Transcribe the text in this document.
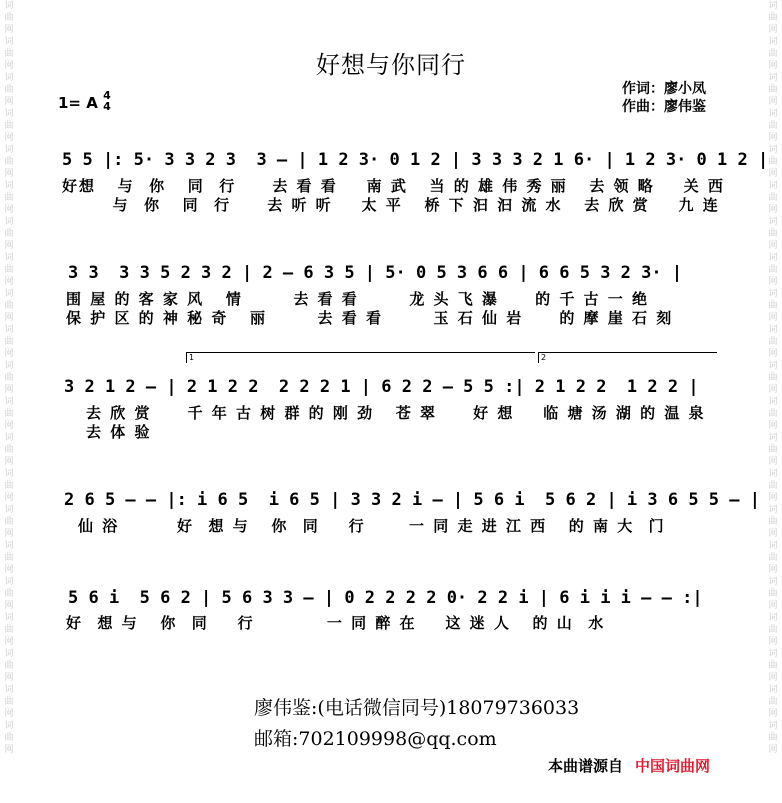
词曲网词曲网词曲网词曲网词曲网词曲网词曲网词曲网词曲网词曲网词曲网词曲网词曲网词曲网词曲网词曲网词曲网词曲网词曲网词曲网词曲网
词曲网词曲网词曲网词曲网词曲网词曲网词曲网词曲网词曲网词曲网词曲网词曲网词曲网词曲网词曲网词曲网词曲网词曲网词曲网词曲网词曲网
好想与你同行
1= A 4
4
作词：廖小凤
作曲：廖伟鉴
5 5 |: 5· 3 3 2 3  3 — | 1 2 3· 0 1 2 | 3 3 3 2 1 6· | 1 2 3· 0 1 2 |
好想   与  你   同  行     去 看 看    南 武   当 的 雄 伟 秀 丽   去 领 略    关 西
与  你   同  行     去 听 听    太 平   桥 下 汩 汩 流 水   去 欣 赏    九 连
3 3  3 3 5 2 3 2 | 2 — 6 3 5 | 5· 0 5 3 6 6 | 6 6 5 3 2 3· |
围 屋 的 客 家 风   情       去 看 看       龙 头 飞 瀑     的 千 古 一 绝
保 护 区 的 神 秘 奇   丽       去 看 看       玉 石 仙 岩     的 摩 崖 石 刻
1	2
3 2 1 2 — | 2 1 2 2  2 2 2 1 | 6 2 2 — 5 5 :| 2 1 2 2  1 2 2 |
去 欣 赏     千 年 古 树 群 的 刚 劲   苍 翠     好 想    临 塘 汤 湖 的 温 泉
去 体 验
2 6 5 — — |: i 6 5  i 6 5 | 3 3 2 i — | 5 6 i  5 6 2 | i 3 6 5 5 — |
仙 浴        好  想 与   你  同    行      一 同 走 进 江 西   的 南 大  门
5 6 i  5 6 2 | 5 6 3 3 — | 0 2 2 2 2 0· 2 2 i | 6 i i i — — :|
好  想 与   你  同    行          一 同 醉 在    这 迷 人   的 山  水
廖伟鉴:(电话微信同号)18079736033
邮箱:702109998@qq.com
本曲谱源自 中国词曲网
